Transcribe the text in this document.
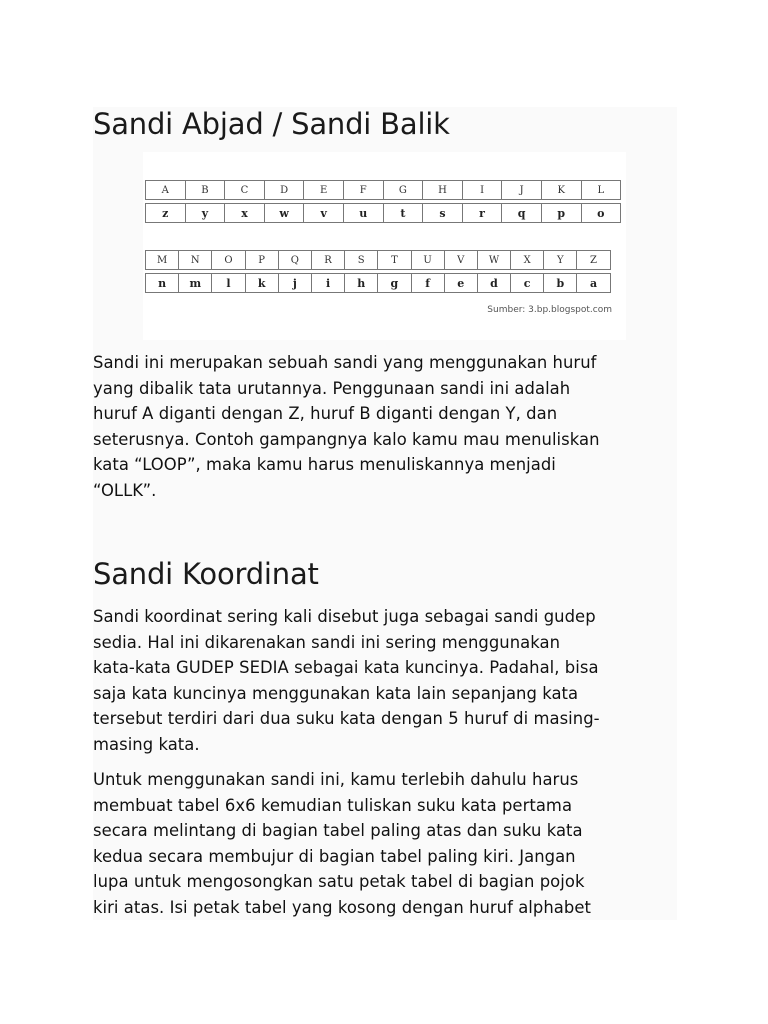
Sandi Abjad / Sandi Balik
A	B	C	D	E	F	G	H	I	J	K	L
z	y	x	w	v	u	t	s	r	q	p	o
M	N	O	P	Q	R	S	T	U	V	W	X	Y	Z
n	m	l	k	j	i	h	g	f	e	d	c	b	a
Sumber: 3.bp.blogspot.com
Sandi ini merupakan sebuah sandi yang menggunakan huruf
yang dibalik tata urutannya. Penggunaan sandi ini adalah
huruf A diganti dengan Z, huruf B diganti dengan Y, dan
seterusnya. Contoh gampangnya kalo kamu mau menuliskan
kata “LOOP”, maka kamu harus menuliskannya menjadi
“OLLK”.
Sandi Koordinat
Sandi koordinat sering kali disebut juga sebagai sandi gudep
sedia. Hal ini dikarenakan sandi ini sering menggunakan
kata-kata GUDEP SEDIA sebagai kata kuncinya. Padahal, bisa
saja kata kuncinya menggunakan kata lain sepanjang kata
tersebut terdiri dari dua suku kata dengan 5 huruf di masing-
masing kata.
Untuk menggunakan sandi ini, kamu terlebih dahulu harus
membuat tabel 6x6 kemudian tuliskan suku kata pertama
secara melintang di bagian tabel paling atas dan suku kata
kedua secara membujur di bagian tabel paling kiri. Jangan
lupa untuk mengosongkan satu petak tabel di bagian pojok
kiri atas. Isi petak tabel yang kosong dengan huruf alphabet
